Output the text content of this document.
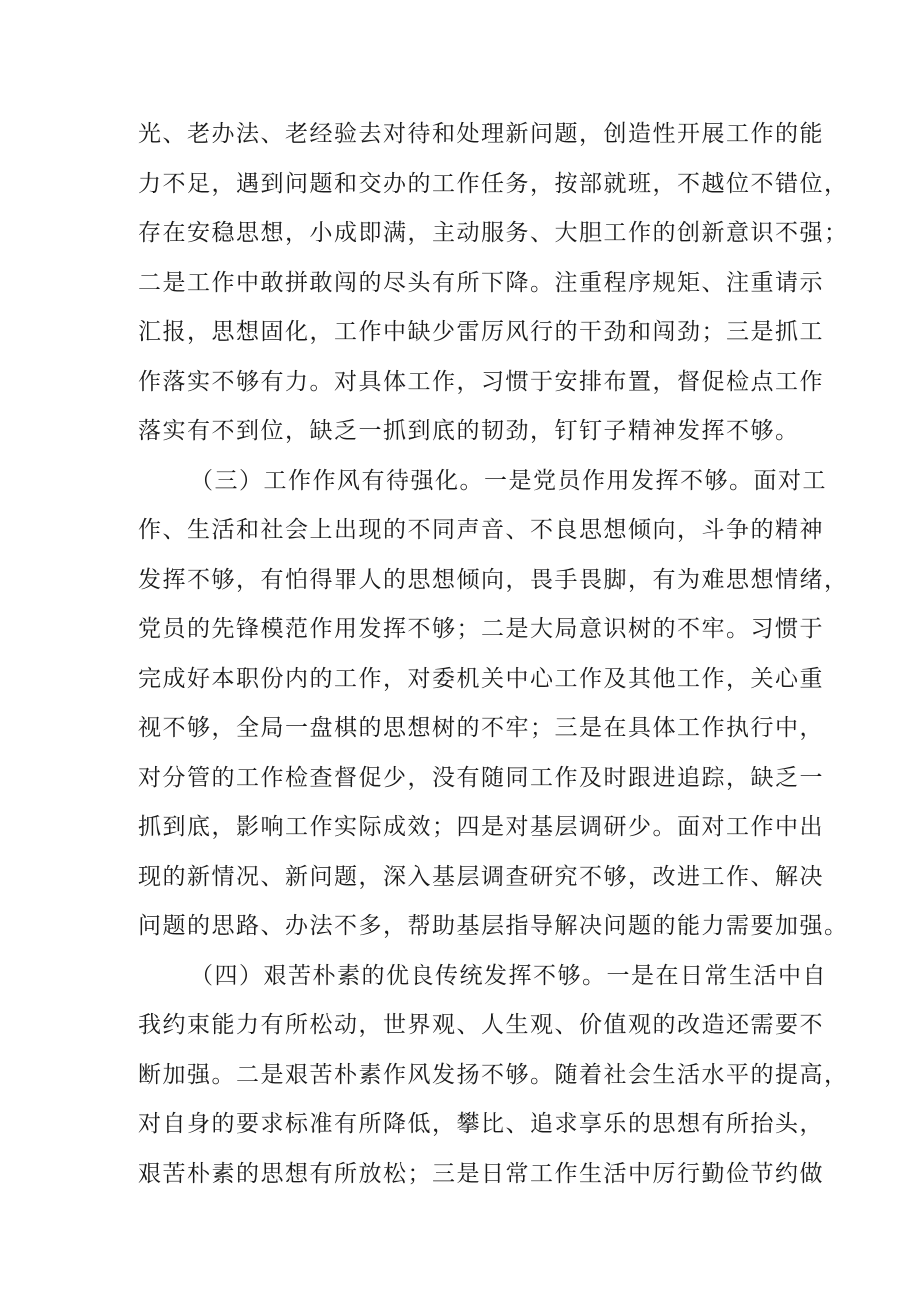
光、老办法、老经验去对待和处理新问题，创造性开展工作的能
力不足，遇到问题和交办的工作任务，按部就班，不越位不错位，
存在安稳思想，小成即满，主动服务、大胆工作的创新意识不强；
二是工作中敢拼敢闯的尽头有所下降。注重程序规矩、注重请示
汇报，思想固化，工作中缺少雷厉风行的干劲和闯劲；三是抓工
作落实不够有力。对具体工作，习惯于安排布置，督促检点工作
落实有不到位，缺乏一抓到底的韧劲，钉钉子精神发挥不够。
（三）工作作风有待强化。一是党员作用发挥不够。面对工
作、生活和社会上出现的不同声音、不良思想倾向，斗争的精神
发挥不够，有怕得罪人的思想倾向，畏手畏脚，有为难思想情绪，
党员的先锋模范作用发挥不够；二是大局意识树的不牢。习惯于
完成好本职份内的工作，对委机关中心工作及其他工作，关心重
视不够，全局一盘棋的思想树的不牢；三是在具体工作执行中，
对分管的工作检查督促少，没有随同工作及时跟进追踪，缺乏一
抓到底，影响工作实际成效；四是对基层调研少。面对工作中出
现的新情况、新问题，深入基层调查研究不够，改进工作、解决
问题的思路、办法不多，帮助基层指导解决问题的能力需要加强。
（四）艰苦朴素的优良传统发挥不够。一是在日常生活中自
我约束能力有所松动，世界观、人生观、价值观的改造还需要不
断加强。二是艰苦朴素作风发扬不够。随着社会生活水平的提高，
对自身的要求标准有所降低，攀比、追求享乐的思想有所抬头，
艰苦朴素的思想有所放松；三是日常工作生活中厉行勤俭节约做
